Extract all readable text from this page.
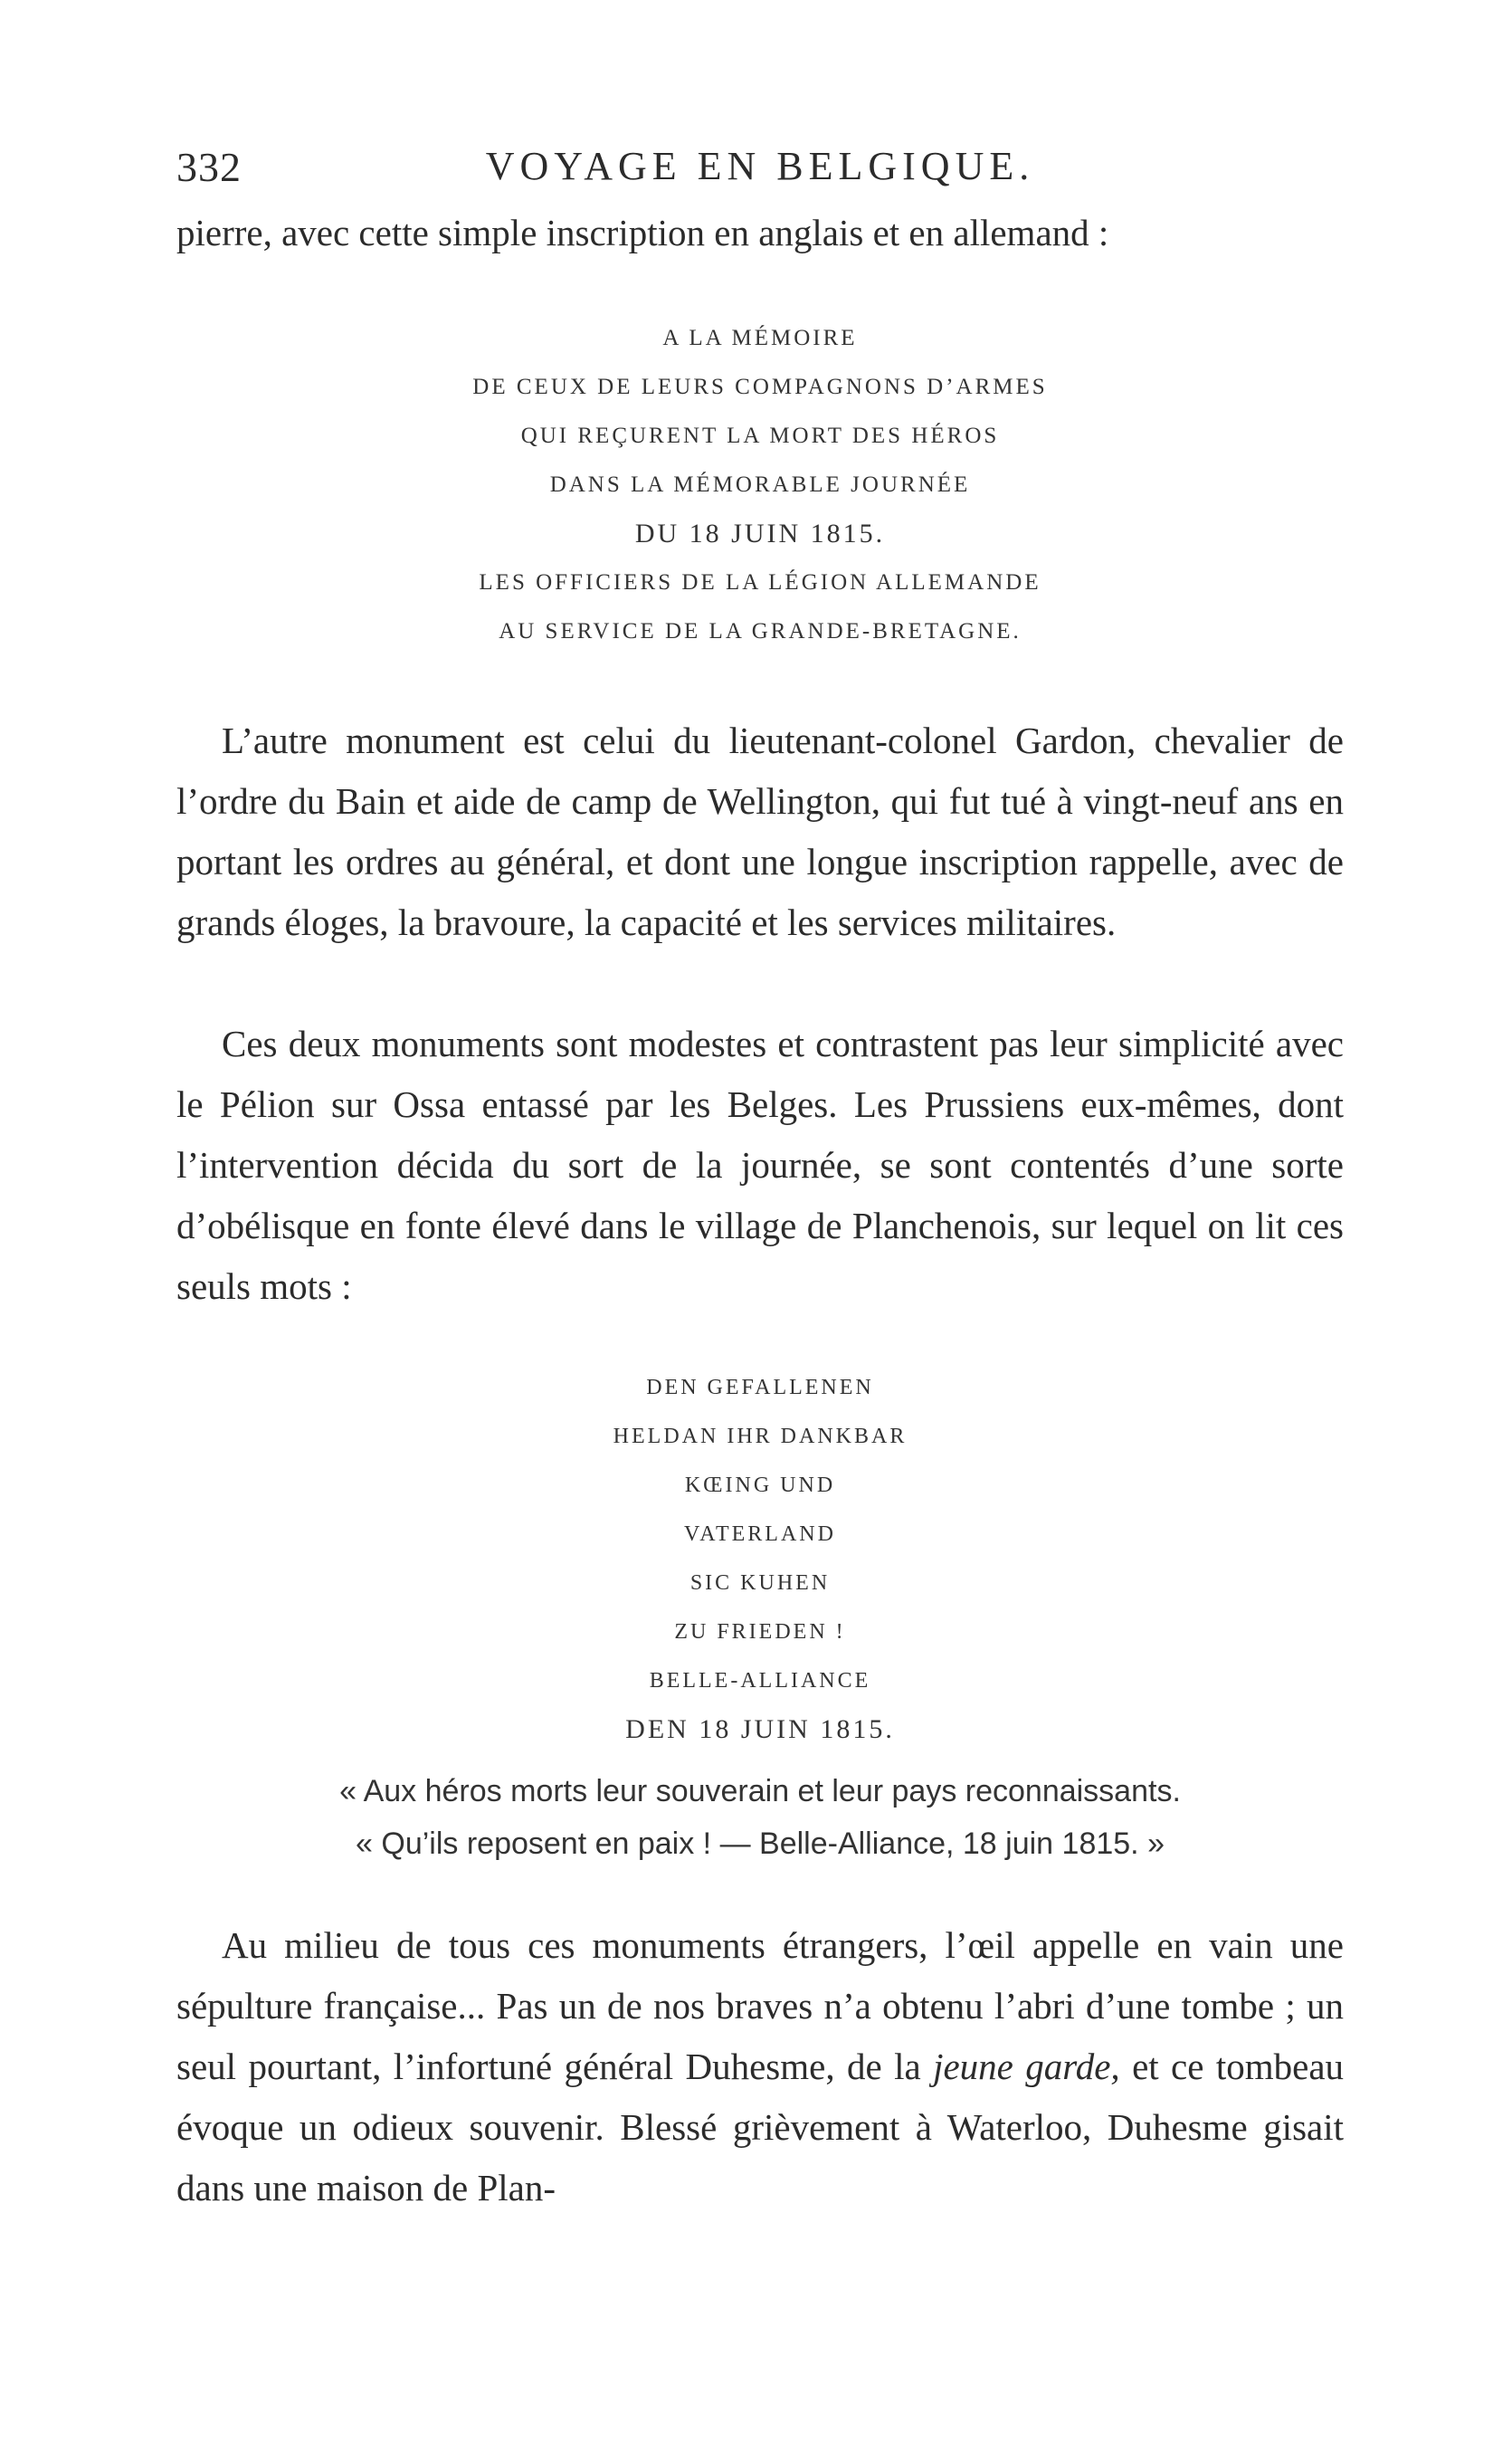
332	VOYAGE EN BELGIQUE.

pierre, avec cette simple inscription en anglais et en allemand :

A LA MÉMOIRE
DE CEUX DE LEURS COMPAGNONS D’ARMES
QUI REÇURENT LA MORT DES HÉROS
DANS LA MÉMORABLE JOURNÉE
DU 18 JUIN 1815.
LES OFFICIERS DE LA LÉGION ALLEMANDE
AU SERVICE DE LA GRANDE-BRETAGNE.

L’autre monument est celui du lieutenant-colonel Gardon, chevalier de l’ordre du Bain et aide de camp de Wellington, qui fut tué à vingt-neuf ans en portant les ordres au général, et dont une longue inscription rappelle, avec de grands éloges, la bravoure, la capacité et les services militaires.

Ces deux monuments sont modestes et contrastent pas leur simplicité avec le Pélion sur Ossa entassé par les Belges. Les Prussiens eux-mêmes, dont l’intervention décida du sort de la journée, se sont contentés d’une sorte d’obélisque en fonte élevé dans le village de Planchenois, sur lequel on lit ces seuls mots :

DEN GEFALLENEN
HELDAN IHR DANKBAR
KŒING UND
VATERLAND
SIC KUHEN
ZU FRIEDEN !
BELLE-ALLIANCE
DEN 18 JUIN 1815.

« Aux héros morts leur souverain et leur pays reconnaissants.
« Qu’ils reposent en paix ! — Belle-Alliance, 18 juin 1815. »

Au milieu de tous ces monuments étrangers, l’œil appelle en vain une sépulture française... Pas un de nos braves n’a obtenu l’abri d’une tombe ; un seul pourtant, l’infortuné général Duhesme, de la jeune garde, et ce tombeau évoque un odieux souvenir. Blessé grièvement à Waterloo, Duhesme gisait dans une maison de Plan-
